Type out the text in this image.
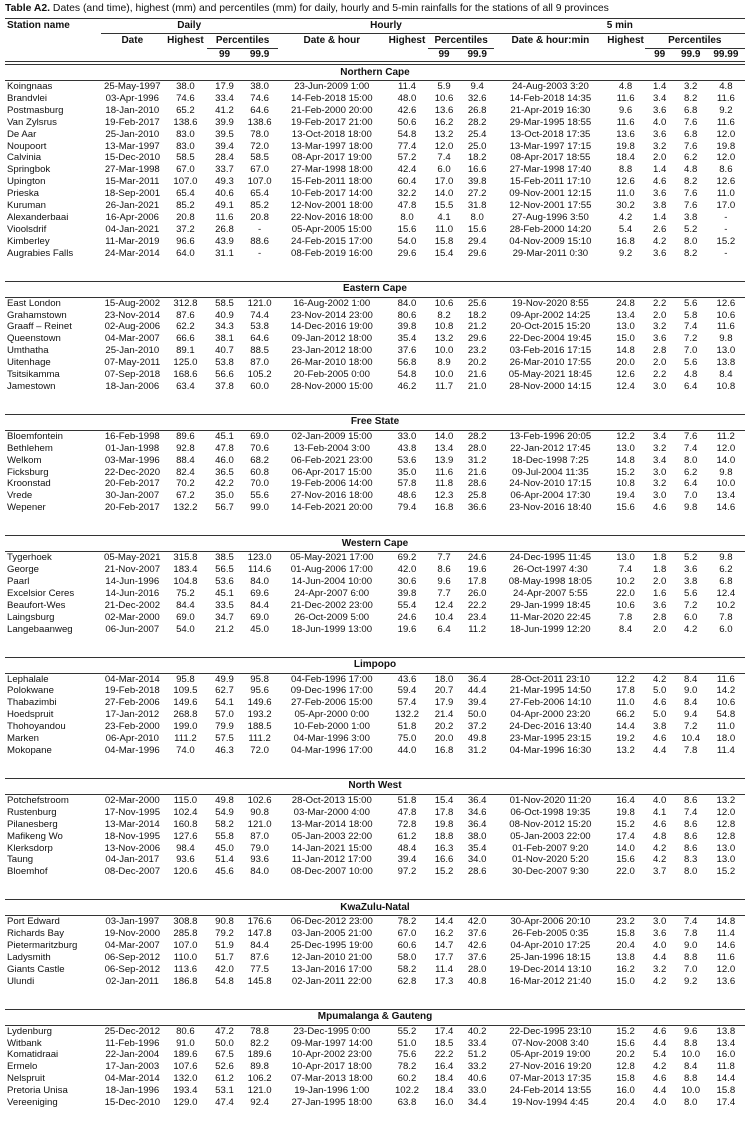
Table A2. Dates (and time), highest (mm) and percentiles (mm) for daily, hourly and 5-min rainfalls for the stations of all 9 provinces
Station name	Daily				Hourly				5 min				
	Date	Highest	Percentiles		Date & hour	Highest	Percentiles		Date & hour:min	Highest	Percentiles		
			99	99.9			99	99.9			99	99.9	99.99

Northern Cape													
Koingnaas	25-May-1997	38.0	17.9	38.0	23-Jun-2009 1:00	11.4	5.9	9.4	24-Aug-2003 3:20	4.8	1.4	3.2	4.8
Brandvlei	03-Apr-1996	74.6	33.4	74.6	14-Feb-2018 15:00	48.0	10.6	32.6	14-Feb-2018 14:35	11.6	3.4	8.2	11.6
Postmasburg	18-Jan-2010	65.2	41.2	64.6	21-Feb-2000 20:00	42.6	13.6	26.8	21-Apr-2019 16:30	9.6	3.6	6.8	9.2
Van Zylsrus	19-Feb-2017	138.6	39.9	138.6	19-Feb-2017 21:00	50.6	16.2	28.2	29-Mar-1995 18:55	11.6	4.0	7.6	11.6
De Aar	25-Jan-2010	83.0	39.5	78.0	13-Oct-2018 18:00	54.8	13.2	25.4	13-Oct-2018 17:35	13.6	3.6	6.8	12.0
Noupoort	13-Mar-1997	83.0	39.4	72.0	13-Mar-1997 18:00	77.4	12.0	25.0	13-Mar-1997 17:15	19.8	3.2	7.6	19.8
Calvinia	15-Dec-2010	58.5	28.4	58.5	08-Apr-2017 19:00	57.2	7.4	18.2	08-Apr-2017 18:55	18.4	2.0	6.2	12.0
Springbok	27-Mar-1998	67.0	33.7	67.0	27-Mar-1998 18:00	42.4	6.0	16.6	27-Mar-1998 17:40	8.8	1.4	4.8	8.6
Upington	15-Mar-2011	107.0	49.3	107.0	15-Feb-2011 18:00	60.4	17.0	39.8	15-Feb-2011 17:10	12.6	4.6	8.2	12.6
Prieska	18-Sep-2001	65.4	40.6	65.4	10-Feb-2017 14:00	32.2	14.0	27.2	09-Nov-2001 12:15	11.0	3.6	7.6	11.0
Kuruman	26-Jan-2021	85.2	49.1	85.2	12-Nov-2001 18:00	47.8	15.5	31.8	12-Nov-2001 17:55	30.2	3.8	7.6	17.0
Alexanderbaai	16-Apr-2006	20.8	11.6	20.8	22-Nov-2016 18:00	8.0	4.1	8.0	27-Aug-1996 3:50	4.2	1.4	3.8	-
Vioolsdrif	04-Jan-2021	37.2	26.8	-	05-Apr-2005 15:00	15.6	11.0	15.6	28-Feb-2000 14:20	5.4	2.6	5.2	-
Kimberley	11-Mar-2019	96.6	43.9	88.6	24-Feb-2015 17:00	54.0	15.8	29.4	04-Nov-2009 15:10	16.8	4.2	8.0	15.2
Augrabies Falls	24-Mar-2014	64.0	31.1	-	08-Feb-2019 16:00	29.6	15.4	29.6	29-Mar-2011 0:30	9.2	3.6	8.2	-

Eastern Cape													
East London	15-Aug-2002	312.8	58.5	121.0	16-Aug-2002 1:00	84.0	10.6	25.6	19-Nov-2020 8:55	24.8	2.2	5.6	12.6
Grahamstown	23-Nov-2014	87.6	40.9	74.4	23-Nov-2014 23:00	80.6	8.2	18.2	09-Apr-2002 14:25	13.4	2.0	5.8	10.6
Graaff – Reinet	02-Aug-2006	62.2	34.3	53.8	14-Dec-2016 19:00	39.8	10.8	21.2	20-Oct-2015 15:20	13.0	3.2	7.4	11.6
Queenstown	04-Mar-2007	66.6	38.1	64.6	09-Jan-2012 18:00	35.4	13.2	29.6	22-Dec-2004 19:45	15.0	3.6	7.2	9.8
Umthatha	25-Jan-2010	89.1	40.7	88.5	23-Jan-2012 18:00	37.6	10.0	23.2	03-Feb-2016 17:15	14.8	2.8	7.0	13.0
Uitenhage	07-May-2011	125.0	53.8	87.0	26-Mar-2010 18:00	56.8	8.9	20.2	26-Mar-2010 17:55	20.0	2.0	5.6	13.8
Tsitsikamma	07-Sep-2018	168.6	56.6	105.2	20-Feb-2005 0:00	54.8	10.0	21.6	05-May-2021 18:45	12.6	2.2	4.8	8.4
Jamestown	18-Jan-2006	63.4	37.8	60.0	28-Nov-2000 15:00	46.2	11.7	21.0	28-Nov-2000 14:15	12.4	3.0	6.4	10.8

Free State													
Bloemfontein	16-Feb-1998	89.6	45.1	69.0	02-Jan-2009 15:00	33.0	14.0	28.2	13-Feb-1996 20:05	12.2	3.4	7.6	11.2
Bethlehem	01-Jan-1998	92.8	47.8	70.6	13-Feb-2004 3:00	43.8	13.4	28.0	22-Jan-2012 17:45	13.0	3.2	7.4	12.0
Welkom	03-Mar-1996	88.4	46.0	68.2	06-Feb-2021 23:00	53.6	13.9	31.2	18-Dec-1998 7:25	14.8	3.4	8.0	14.0
Ficksburg	22-Dec-2020	82.4	36.5	60.8	06-Apr-2017 15:00	35.0	11.6	21.6	09-Jul-2004 11:35	15.2	3.0	6.2	9.8
Kroonstad	20-Feb-2017	70.2	42.2	70.0	19-Feb-2006 14:00	57.8	11.8	28.6	24-Nov-2010 17:15	10.8	3.2	6.4	10.0
Vrede	30-Jan-2007	67.2	35.0	55.6	27-Nov-2016 18:00	48.6	12.3	25.8	06-Apr-2004 17:30	19.4	3.0	7.0	13.4
Wepener	20-Feb-2017	132.2	56.7	99.0	14-Feb-2021 20:00	79.4	16.8	36.6	23-Nov-2016 18:40	15.6	4.6	9.8	14.6

Western Cape													
Tygerhoek	05-May-2021	315.8	38.5	123.0	05-May-2021 17:00	69.2	7.7	24.6	24-Dec-1995 11:45	13.0	1.8	5.2	9.8
George	21-Nov-2007	183.4	56.5	114.6	01-Aug-2006 17:00	42.0	8.6	19.6	26-Oct-1997 4:30	7.4	1.8	3.6	6.2
Paarl	14-Jun-1996	104.8	53.6	84.0	14-Jun-2004 10:00	30.6	9.6	17.8	08-May-1998 18:05	10.2	2.0	3.8	6.8
Excelsior Ceres	14-Jun-2016	75.2	45.1	69.6	24-Apr-2007 6:00	39.8	7.7	26.0	24-Apr-2007 5:55	22.0	1.6	5.6	12.4
Beaufort-Wes	21-Dec-2002	84.4	33.5	84.4	21-Dec-2002 23:00	55.4	12.4	22.2	29-Jan-1999 18:45	10.6	3.6	7.2	10.2
Laingsburg	02-Mar-2000	69.0	34.7	69.0	26-Oct-2009 5:00	24.6	10.4	23.4	11-Mar-2020 22:45	7.8	2.8	6.0	7.8
Langebaanweg	06-Jun-2007	54.0	21.2	45.0	18-Jun-1999 13:00	19.6	6.4	11.2	18-Jun-1999 12:20	8.4	2.0	4.2	6.0

Limpopo													
Lephalale	04-Mar-2014	95.8	49.9	95.8	04-Feb-1996 17:00	43.6	18.0	36.4	28-Oct-2011 23:10	12.2	4.2	8.4	11.6
Polokwane	19-Feb-2018	109.5	62.7	95.6	09-Dec-1996 17:00	59.4	20.7	44.4	21-Mar-1995 14:50	17.8	5.0	9.0	14.2
Thabazimbi	27-Feb-2006	149.6	54.1	149.6	27-Feb-2006 15:00	57.4	17.9	39.4	27-Feb-2006 14:10	11.0	4.6	8.4	10.6
Hoedspruit	17-Jan-2012	268.8	57.0	193.2	05-Apr-2000 0:00	132.2	21.4	50.0	04-Apr-2000 23:20	66.2	5.0	9.4	54.8
Thohoyandou	23-Feb-2000	199.0	79.9	188.5	10-Feb-2000 1:00	51.8	20.2	37.2	24-Dec-2016 13:40	14.4	3.8	7.2	11.0
Marken	06-Apr-2010	111.2	57.5	111.2	04-Mar-1996 3:00	75.0	20.0	49.8	23-Mar-1995 23:15	19.2	4.6	10.4	18.0
Mokopane	04-Mar-1996	74.0	46.3	72.0	04-Mar-1996 17:00	44.0	16.8	31.2	04-Mar-1996 16:30	13.2	4.4	7.8	11.4

North West													
Potchefstroom	02-Mar-2000	115.0	49.8	102.6	28-Oct-2013 15:00	51.8	15.4	36.4	01-Nov-2020 11:20	16.4	4.0	8.6	13.2
Rustenburg	17-Nov-1995	102.4	54.9	90.8	03-Mar-2000 4:00	47.8	17.8	34.6	06-Oct-1998 19:35	19.8	4.1	7.4	12.0
Pilanesberg	13-Mar-2014	160.8	58.2	121.0	13-Mar-2014 18:00	72.8	19.8	36.4	08-Nov-2012 15:20	15.2	4.6	8.6	12.8
Mafikeng Wo	18-Nov-1995	127.6	55.8	87.0	05-Jan-2003 22:00	61.2	18.8	38.0	05-Jan-2003 22:00	17.4	4.8	8.6	12.8
Klerksdorp	13-Nov-2006	98.4	45.0	79.0	14-Jan-2021 15:00	48.4	16.3	35.4	01-Feb-2007 9:20	14.0	4.2	8.6	13.0
Taung	04-Jan-2017	93.6	51.4	93.6	11-Jan-2012 17:00	39.4	16.6	34.0	01-Nov-2020 5:20	15.6	4.2	8.3	13.0
Bloemhof	08-Dec-2007	120.6	45.6	84.0	08-Dec-2007 10:00	97.2	15.2	28.6	30-Dec-2007 9:30	22.0	3.7	8.0	15.2

KwaZulu-Natal													
Port Edward	03-Jan-1997	308.8	90.8	176.6	06-Dec-2012 23:00	78.2	14.4	42.0	30-Apr-2006 20:10	23.2	3.0	7.4	14.8
Richards Bay	19-Nov-2000	285.8	79.2	147.8	03-Jan-2005 21:00	67.0	16.2	37.6	26-Feb-2005 0:35	15.8	3.6	7.8	11.4
Pietermaritzburg	04-Mar-2007	107.0	51.9	84.4	25-Dec-1995 19:00	60.6	14.7	42.6	04-Apr-2010 17:25	20.4	4.0	9.0	14.6
Ladysmith	06-Sep-2012	110.0	51.7	87.6	12-Jan-2010 21:00	58.0	17.7	37.6	25-Jan-1996 18:15	13.8	4.4	8.8	11.6
Giants Castle	06-Sep-2012	113.6	42.0	77.5	13-Jan-2016 17:00	58.2	11.4	28.0	19-Dec-2014 13:10	16.2	3.2	7.0	12.0
Ulundi	02-Jan-2011	186.8	54.8	145.8	02-Jan-2011 22:00	62.8	17.3	40.8	16-Mar-2012 21:40	15.0	4.2	9.2	13.6

Mpumalanga & Gauteng													
Lydenburg	25-Dec-2012	80.6	47.2	78.8	23-Dec-1995 0:00	55.2	17.4	40.2	22-Dec-1995 23:10	15.2	4.6	9.6	13.8
Witbank	11-Feb-1996	91.0	50.0	82.2	09-Mar-1997 14:00	51.0	18.5	33.4	07-Nov-2008 3:40	15.6	4.4	8.8	13.4
Komatidraai	22-Jan-2004	189.6	67.5	189.6	10-Apr-2002 23:00	75.6	22.2	51.2	05-Apr-2019 19:00	20.2	5.4	10.0	16.0
Ermelo	17-Jan-2003	107.6	52.6	89.8	10-Apr-2017 18:00	78.2	16.4	33.2	27-Nov-2016 19:20	12.8	4.2	8.4	11.8
Nelspruit	04-Mar-2014	132.0	61.2	106.2	07-Mar-2013 18:00	60.2	18.4	40.6	07-Mar-2013 17:35	15.8	4.6	8.8	14.4
Pretoria Unisa	18-Jan-1996	193.4	53.1	121.0	19-Jan-1996 1:00	102.2	18.4	33.0	24-Feb-2014 13:55	16.0	4.4	10.0	15.8
Vereeniging	15-Dec-2010	129.0	47.4	92.4	27-Jan-1995 18:00	63.8	16.0	34.4	19-Nov-1994 4:45	20.4	4.0	8.0	17.4
